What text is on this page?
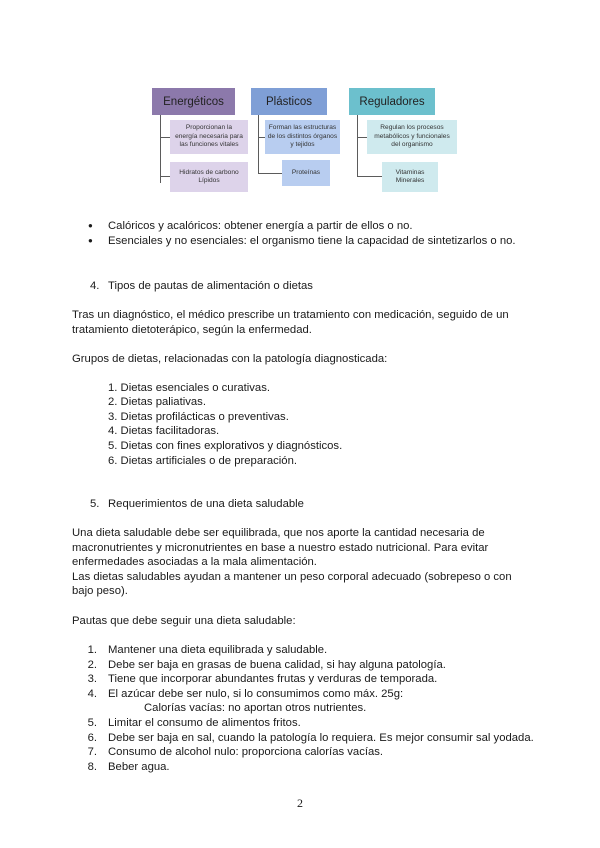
Energéticos
Proporcionan la
energía necesaria para
las funciones vitales
Hidratos de carbono
Lípidos
Plásticos
Forman las estructuras
de los distintos órganos
y tejidos
Proteínas
Reguladores
Regulan los procesos
metabólicos y funcionales
del organismo
Vitaminas
Minerales
● Calóricos y acalóricos: obtener energía a partir de ellos o no.
● Esenciales y no esenciales: el organismo tiene la capacidad de sintetizarlos o no.
4. Tipos de pautas de alimentación o dietas
Tras un diagnóstico, el médico prescribe un tratamiento con medicación, seguido de un
tratamiento dietoterápico, según la enfermedad.
Grupos de dietas, relacionadas con la patología diagnosticada:
1. Dietas esenciales o curativas.
2. Dietas paliativas.
3. Dietas profilácticas o preventivas.
4. Dietas facilitadoras.
5. Dietas con fines explorativos y diagnósticos.
6. Dietas artificiales o de preparación.
5. Requerimientos de una dieta saludable
Una dieta saludable debe ser equilibrada, que nos aporte la cantidad necesaria de
macronutrientes y micronutrientes en base a nuestro estado nutricional. Para evitar
enfermedades asociadas a la mala alimentación.
Las dietas saludables ayudan a mantener un peso corporal adecuado (sobrepeso o con
bajo peso).
Pautas que debe seguir una dieta saludable:
1. Mantener una dieta equilibrada y saludable.
2. Debe ser baja en grasas de buena calidad, si hay alguna patología.
3. Tiene que incorporar abundantes frutas y verduras de temporada.
4. El azúcar debe ser nulo, si lo consumimos como máx. 25g:
Calorías vacías: no aportan otros nutrientes.
5. Limitar el consumo de alimentos fritos.
6. Debe ser baja en sal, cuando la patología lo requiera. Es mejor consumir sal yodada.
7. Consumo de alcohol nulo: proporciona calorías vacías.
8. Beber agua.
2
